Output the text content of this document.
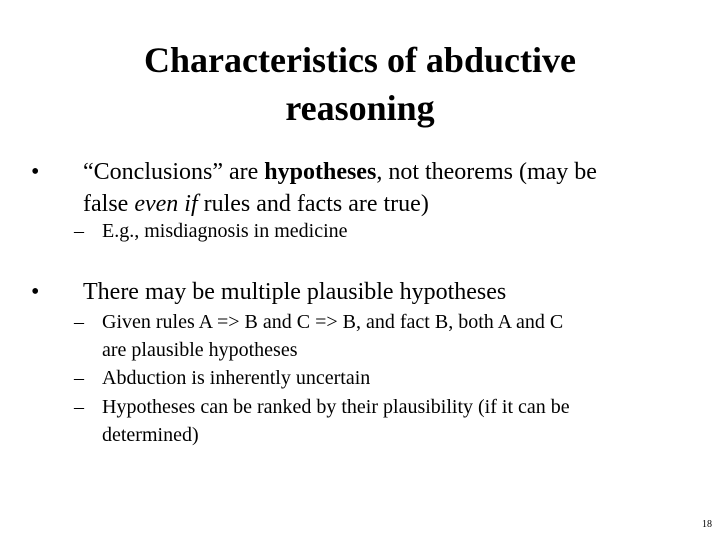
Characteristics of abductive
reasoning
• “Conclusions” are hypotheses, not theorems (may be
false even if rules and facts are true)
– E.g., misdiagnosis in medicine
• There may be multiple plausible hypotheses
– Given rules A => B and C => B, and fact B, both A and C
are plausible hypotheses
– Abduction is inherently uncertain
– Hypotheses can be ranked by their plausibility (if it can be
determined)
18
